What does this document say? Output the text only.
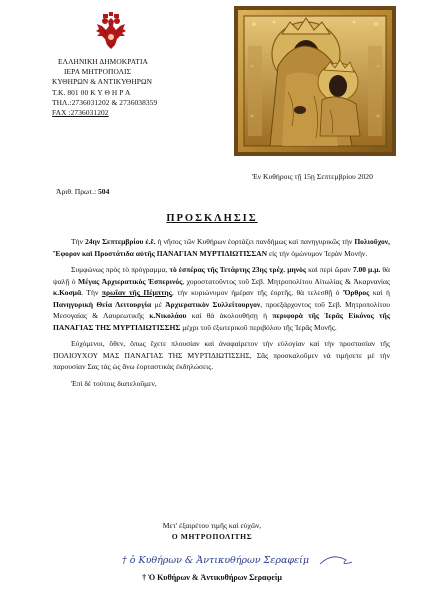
ΕΛΛΗΝΙΚΗ ΔΗΜΟΚΡΑΤΙΑ
ΙΕΡΑ ΜΗΤΡΟΠΟΛΙΣ
ΚΥΘΗΡΩΝ & ΑΝΤΙΚΥΘΗΡΩΝ
Τ.Κ. 801 00 Κ Υ Θ Η Ρ Α
ΤΗΛ.:2736031202 & 2736038359
FAX :2736031202
Ἐν Κυθήροις τῇ 15ῃ Σεπτεμβρίου 2020
Ἀριθ. Πρωτ.: 504
ΠΡΟΣΚΛΗΣΙΣ

Τὴν 24ην Σεπτεμβρίου ἐ.ἔ. ἡ νῆσος τῶν Κυθήρων ἑορτάζει πανδήμως καὶ πανηγυρικῶς τὴν Πολιοῦχον, Ἔφορον καὶ Προστάτιδα αὐτῆς ΠΑΝΑΓΙΑΝ ΜΥΡΤΙΔΙΩΤΙΣΣΑΝ εἰς τὴν ὁμώνυμον Ἱερὰν Μονήν.

Συμφώνως πρὸς τὸ πρόγραμμα, τὸ ἑσπέρας τῆς Τετάρτης 23ης τρέχ. μηνὸς καὶ περὶ ὥραν 7.00 μ.μ. θὰ ψαλῇ ὁ Μέγας Ἀρχιερατικὸς Ἑσπερινός, χοροστατοῦντος τοῦ Σεβ. Μητροπολίτου Αἰτωλίας & Ἀκαρνανίας κ.Κοσμᾶ. Τὴν πρωΐαν τῆς Πέμπτης, τὴν κυριώνυμον ἡμέραν τῆς ἑορτῆς, θὰ τελεσθῇ ὁ Ὄρθρος καὶ ἡ Πανηγυρικὴ Θεία Λειτουργία μὲ Ἀρχιερατικὸν Συλλείτουργον, προεξάρχοντος τοῦ Σεβ. Μητροπολίτου Μεσογαίας & Λαυρεωτικῆς κ.Νικολάου καὶ θὰ ἀκολουθήσῃ ἡ περιφορὰ τῆς Ἱερᾶς Εἰκόνος τῆς ΠΑΝΑΓΙΑΣ ΤΗΣ ΜΥΡΤΙΔΙΩΤΙΣΣΗΣ μέχρι τοῦ ἐξωτερικοῦ περιβόλου τῆς Ἱερᾶς Μονῆς.

Εὐχόμενοι, ὅθεν, ὅπως ἔχετε πλουσίαν καὶ ἀναφαίρετον τὴν εὐλογίαν καὶ τὴν προστασίαν τῆς ΠΟΛΙΟΥΧΟΥ ΜΑΣ ΠΑΝΑΓΙΑΣ ΤΗΣ ΜΥΡΤΙΔΙΩΤΙΣΣΗΣ, Σᾶς προσκαλοῦμεν νὰ τιμήσετε μὲ τὴν παρουσίαν Σας τὰς ὡς ἄνω ἑορταστικὰς ἐκδηλώσεις.

Ἐπὶ δὲ τούτοις διατελοῦμεν,

Μετ' ἐξαιρέτου τιμῆς καὶ εὐχῶν,
Ο ΜΗΤΡΟΠΟΛΙΤΗΣ
† ὁ Κυθήρων & Ἀντικυθήρων Σεραφείμ
† Ὁ Κυθήρων & Ἀντικυθήρων Σεραφείμ
